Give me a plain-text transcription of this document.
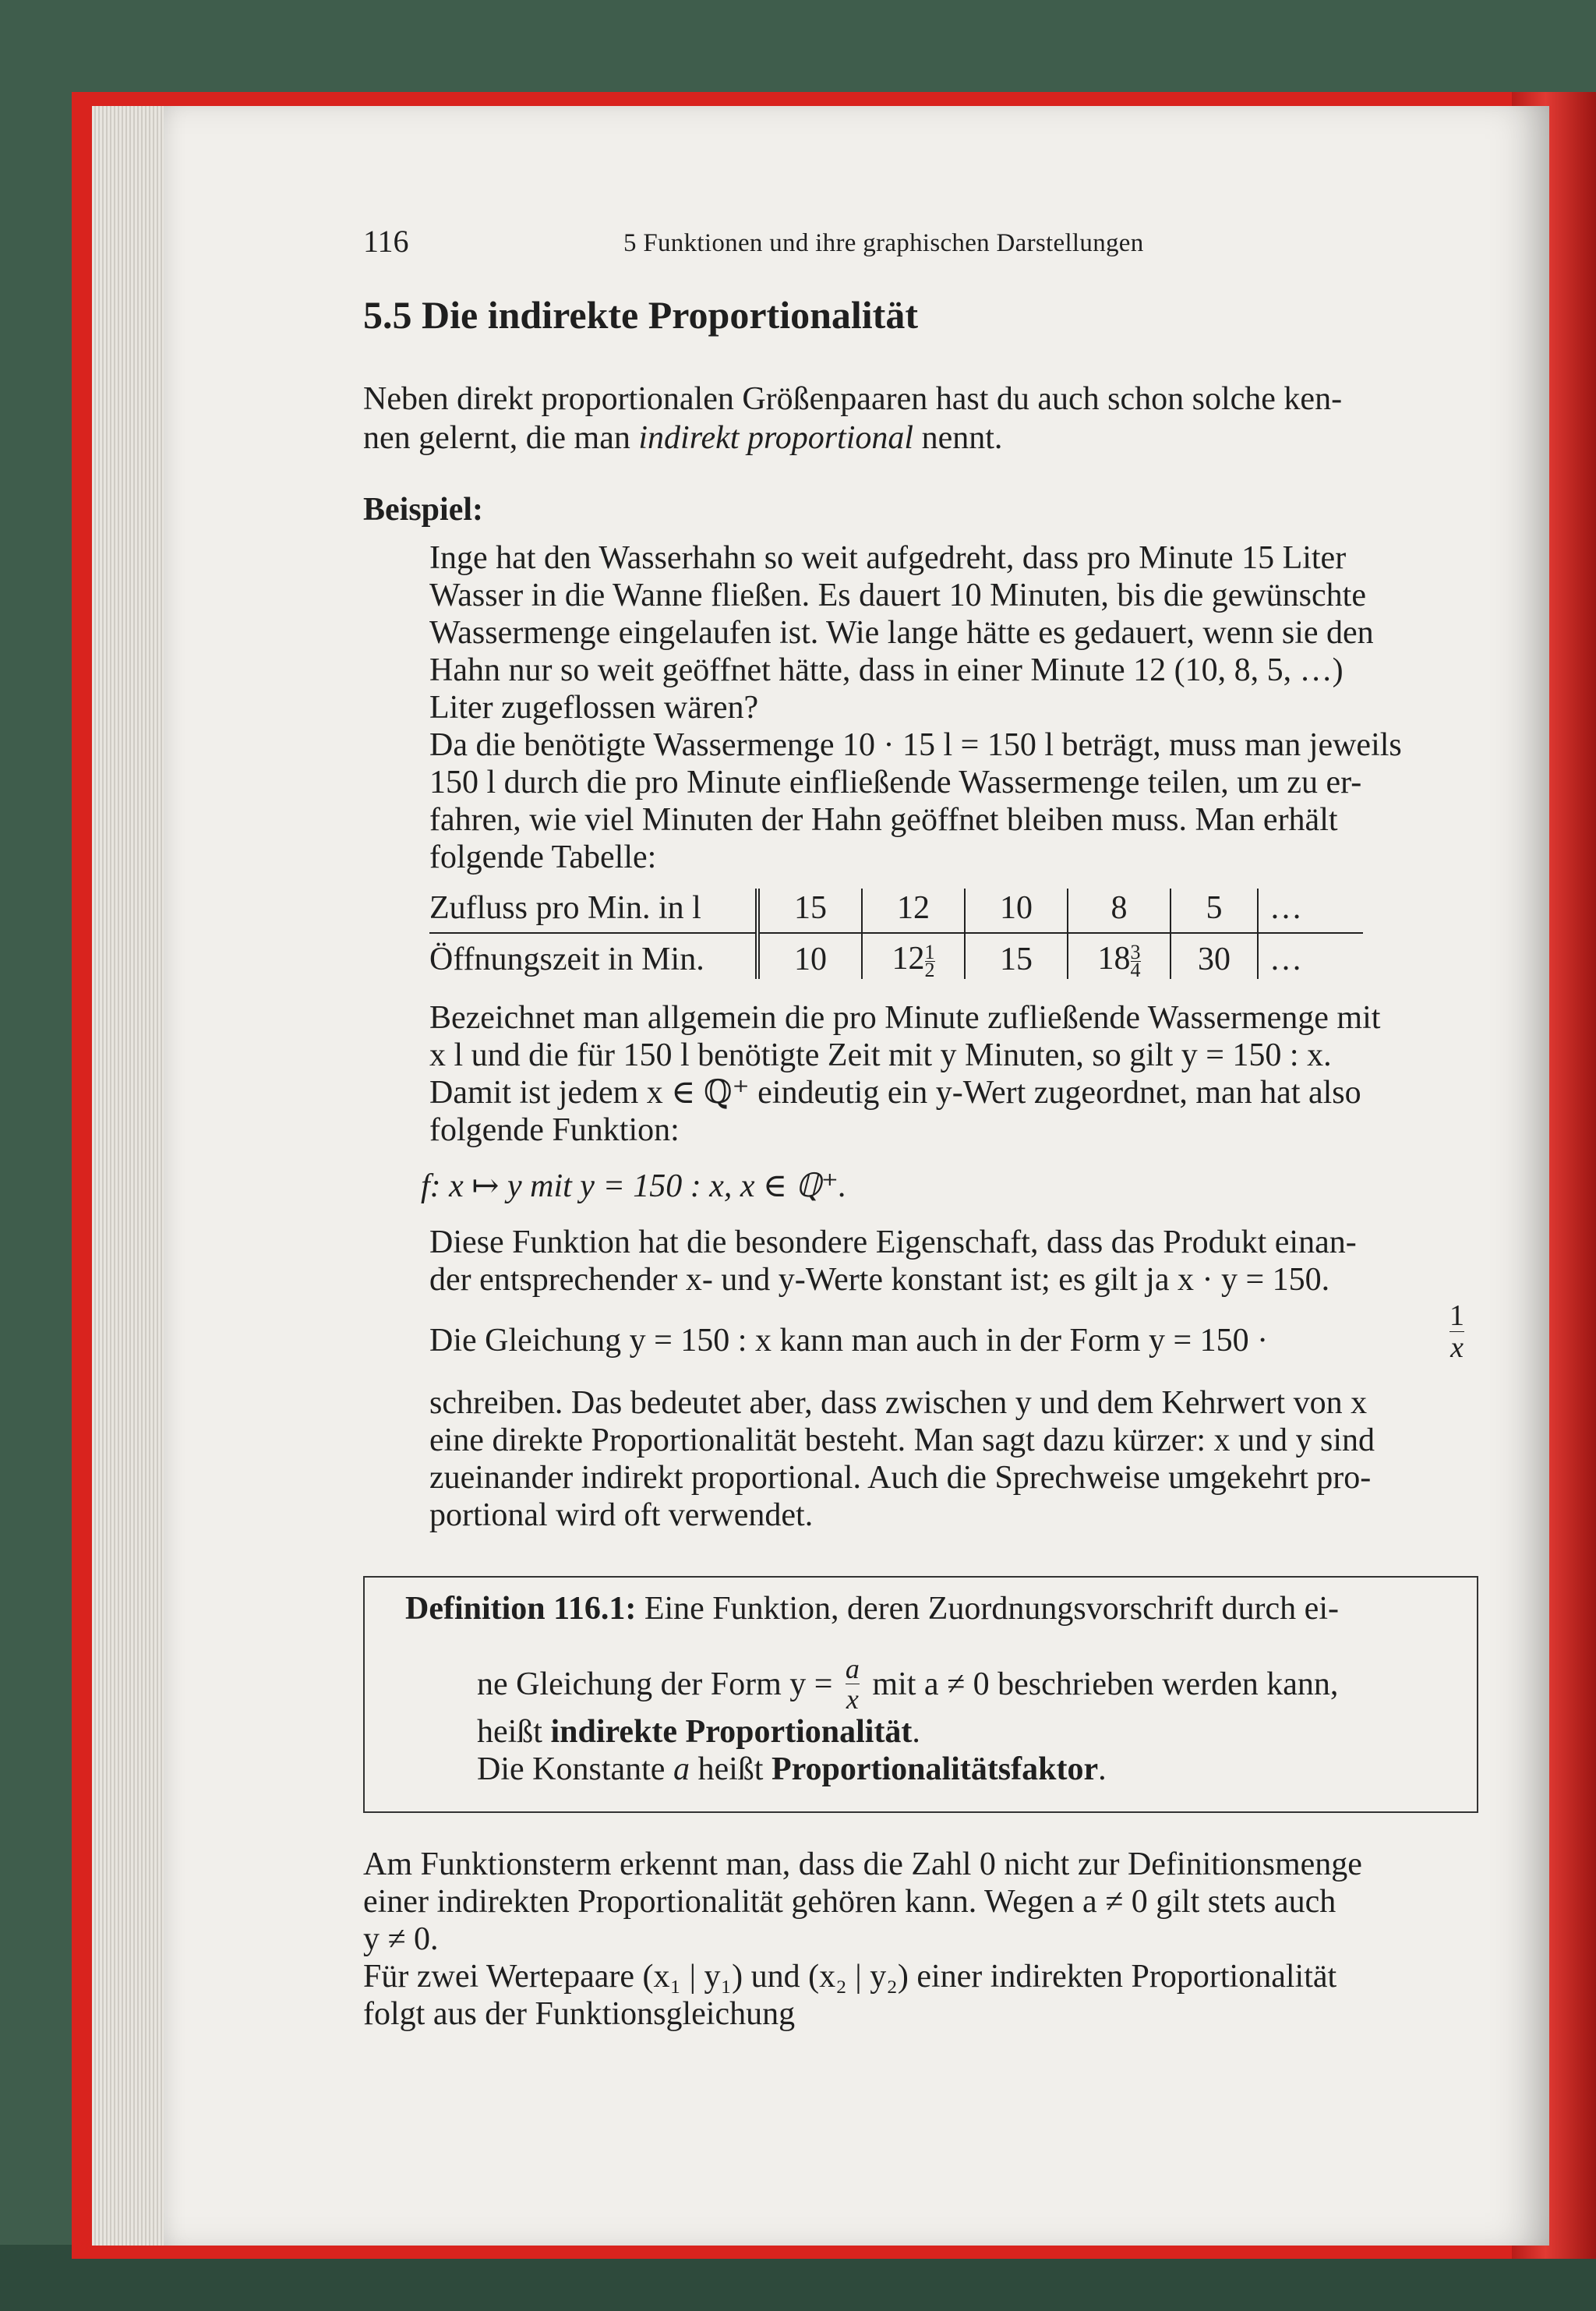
116	5 Funktionen und ihre graphischen Darstellungen
5.5 Die indirekte Proportionalität
Neben direkt proportionalen Größenpaaren hast du auch schon solche ken-
nen gelernt, die man indirekt proportional nennt.
Beispiel:
Inge hat den Wasserhahn so weit aufgedreht, dass pro Minute 15 Liter
Wasser in die Wanne fließen. Es dauert 10 Minuten, bis die gewünschte
Wassermenge eingelaufen ist. Wie lange hätte es gedauert, wenn sie den
Hahn nur so weit geöffnet hätte, dass in einer Minute 12 (10, 8, 5, …)
Liter zugeflossen wären?
Da die benötigte Wassermenge 10 · 15 l = 150 l beträgt, muss man jeweils
150 l durch die pro Minute einfließende Wassermenge teilen, um zu er-
fahren, wie viel Minuten der Hahn geöffnet bleiben muss. Man erhält
folgende Tabelle:
Zufluss pro Min. in l	15	12	10	8	5	…
Öffnungszeit in Min.	10	$12 \frac{1}{2}$	15	$18 \frac{3}{4}$	30	…
Bezeichnet man allgemein die pro Minute zufließende Wassermenge mit
x l und die für 150 l benötigte Zeit mit y Minuten, so gilt y = 150 : x.
Damit ist jedem x ∈ ℚ⁺ eindeutig ein y-Wert zugeordnet, man hat also
folgende Funktion:
f: x ↦ y mit y = 150 : x, x ∈ ℚ⁺.
Diese Funktion hat die besondere Eigenschaft, dass das Produkt einan-
der entsprechender x- und y-Werte konstant ist; es gilt ja x · y = 150.
Die Gleichung y = 150 : x kann man auch in der Form y = 150 ·	$\frac{1}{x}$
schreiben. Das bedeutet aber, dass zwischen y und dem Kehrwert von x
eine direkte Proportionalität besteht. Man sagt dazu kürzer: x und y sind
zueinander indirekt proportional. Auch die Sprechweise umgekehrt pro-
portional wird oft verwendet.
Definition 116.1: Eine Funktion, deren Zuordnungsvorschrift durch ei-
ne Gleichung der Form $y = \frac{a}{x}$ mit a ≠ 0 beschrieben werden kann,
heißt indirekte Proportionalität.
Die Konstante a heißt Proportionalitätsfaktor.
Am Funktionsterm erkennt man, dass die Zahl 0 nicht zur Definitionsmenge
einer indirekten Proportionalität gehören kann. Wegen a ≠ 0 gilt stets auch
y ≠ 0.
Für zwei Wertepaare (x₁ | y₁) und (x₂ | y₂) einer indirekten Proportionalität
folgt aus der Funktionsgleichung
